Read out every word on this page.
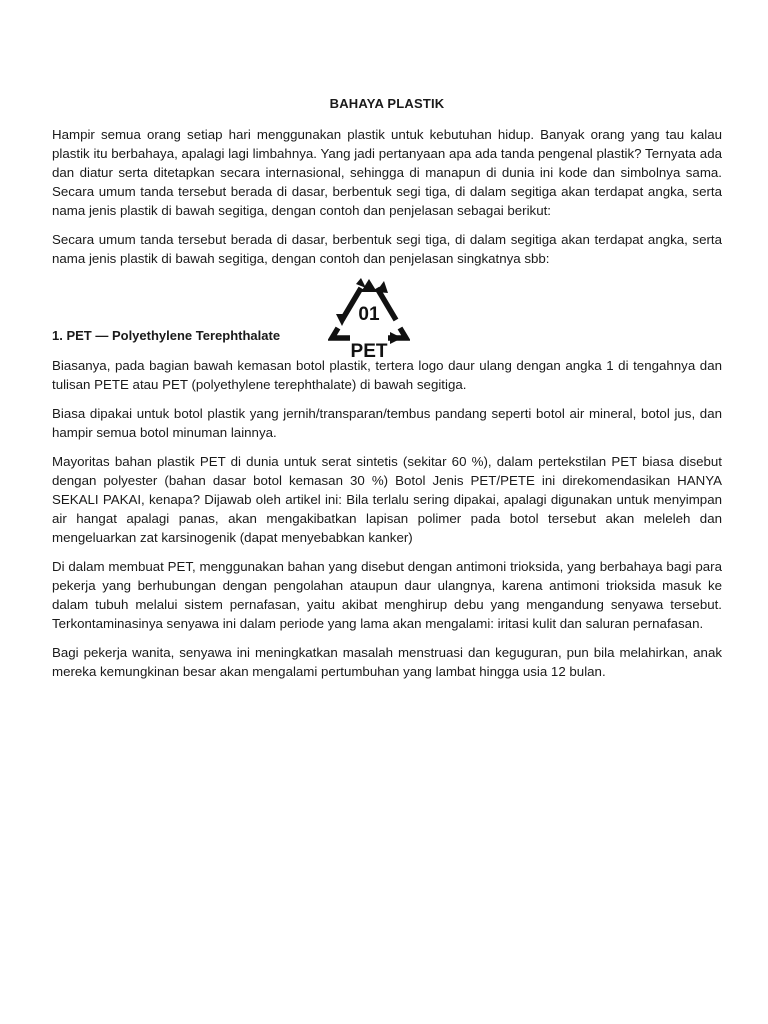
BAHAYA PLASTIK

Hampir semua orang setiap hari menggunakan plastik untuk kebutuhan hidup. Banyak orang yang tau kalau plastik itu berbahaya, apalagi lagi limbahnya. Yang jadi pertanyaan apa ada tanda pengenal plastik? Ternyata ada dan diatur serta ditetapkan secara internasional, sehingga di manapun di dunia ini kode dan simbolnya sama. Secara umum tanda tersebut berada di dasar, berbentuk segi tiga, di dalam segitiga akan terdapat angka, serta nama jenis plastik di bawah segitiga, dengan contoh dan penjelasan sebagai berikut:

Secara umum tanda tersebut berada di dasar, berbentuk segi tiga, di dalam segitiga akan terdapat angka, serta nama jenis plastik di bawah segitiga, dengan contoh dan penjelasan singkatnya sbb:

01
PET
1. PET — Polyethylene Terephthalate

Biasanya, pada bagian bawah kemasan botol plastik, tertera logo daur ulang dengan angka 1 di tengahnya dan tulisan PETE atau PET (polyethylene terephthalate) di bawah segitiga.

Biasa dipakai untuk botol plastik yang jernih/transparan/tembus pandang seperti botol air mineral, botol jus, dan hampir semua botol minuman lainnya.

Mayoritas bahan plastik PET di dunia untuk serat sintetis (sekitar 60 %), dalam pertekstilan PET biasa disebut dengan polyester (bahan dasar botol kemasan 30 %) Botol Jenis PET/PETE ini direkomendasikan HANYA SEKALI PAKAI, kenapa? Dijawab oleh artikel ini: Bila terlalu sering dipakai, apalagi digunakan untuk menyimpan air hangat apalagi panas, akan mengakibatkan lapisan polimer pada botol tersebut akan meleleh dan mengeluarkan zat karsinogenik (dapat menyebabkan kanker)

Di dalam membuat PET, menggunakan bahan yang disebut dengan antimoni trioksida, yang berbahaya bagi para pekerja yang berhubungan dengan pengolahan ataupun daur ulangnya, karena antimoni trioksida masuk ke dalam tubuh melalui sistem pernafasan, yaitu akibat menghirup debu yang mengandung senyawa tersebut. Terkontaminasinya senyawa ini dalam periode yang lama akan mengalami: iritasi kulit dan saluran pernafasan.

Bagi pekerja wanita, senyawa ini meningkatkan masalah menstruasi dan keguguran, pun bila melahirkan, anak mereka kemungkinan besar akan mengalami pertumbuhan yang lambat hingga usia 12 bulan.
